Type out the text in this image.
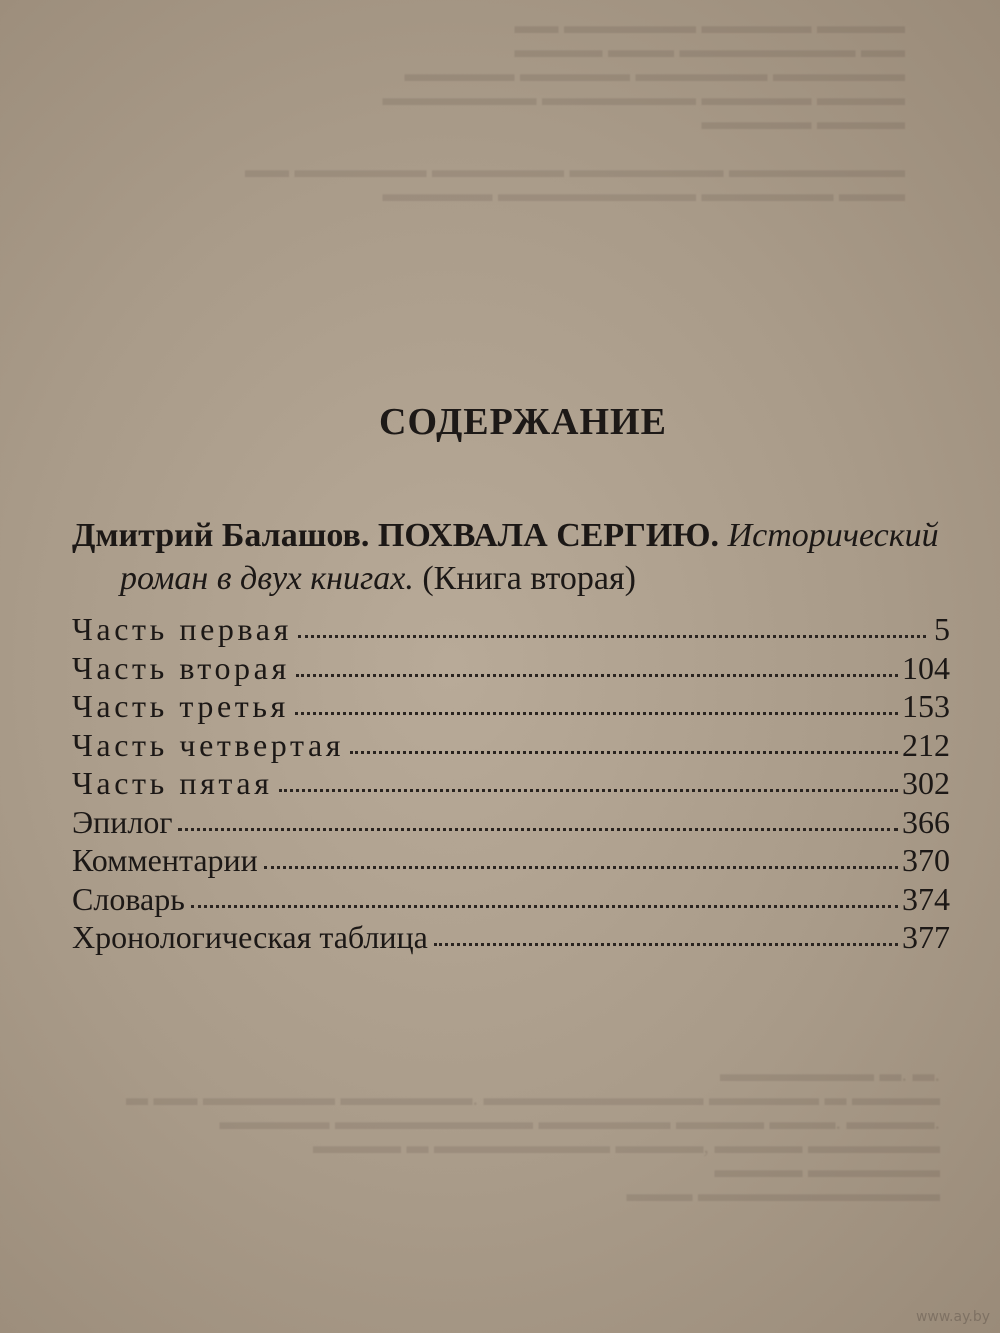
▬▬ ▬▬▬▬▬▬ ▬▬▬▬▬ ▬▬▬▬
▬▬▬▬ ▬▬▬ ▬▬▬▬▬▬▬▬ ▬▬
▬▬▬▬▬ ▬▬▬▬▬ ▬▬▬▬▬▬ ▬▬▬▬▬▬
▬▬▬▬▬▬▬ ▬▬▬▬▬▬▬ ▬▬▬▬▬ ▬▬▬▬
▬▬▬▬▬ ▬▬▬▬

▬▬ ▬▬▬▬▬▬ ▬▬▬▬▬▬ ▬▬▬▬▬▬▬ ▬▬▬▬▬▬▬▬
▬▬▬▬▬ ▬▬▬▬▬▬▬▬▬ ▬▬▬▬▬▬ ▬▬▬
СОДЕРЖАНИЕ
Дмитрий Балашов. ПОХВАЛА СЕРГИЮ. Исторический
роман в двух книгах. (Книга вторая)
Часть первая	5
Часть вторая	104
Часть третья	153
Часть четвертая	212
Часть пятая	302
Эпилог	366
Комментарии	370
Словарь	374
Хронологическая таблица	377
▬▬▬▬▬▬▬ ▬. ▬.
▬ ▬▬ ▬▬▬▬▬▬ ▬▬▬▬▬▬. ▬▬▬▬▬▬▬▬▬▬ ▬▬▬▬▬ ▬ ▬▬▬▬
▬▬▬▬▬ ▬▬▬▬▬▬▬▬▬ ▬▬▬▬▬▬ ▬▬▬▬ ▬▬▬. ▬▬▬▬.
▬▬▬▬ ▬ ▬▬▬▬▬▬▬▬ ▬▬▬▬, ▬▬▬▬ ▬▬▬▬▬▬
▬▬▬▬ ▬▬▬▬▬▬
▬▬▬ ▬▬▬▬▬▬▬▬▬▬▬
www.ay.by
